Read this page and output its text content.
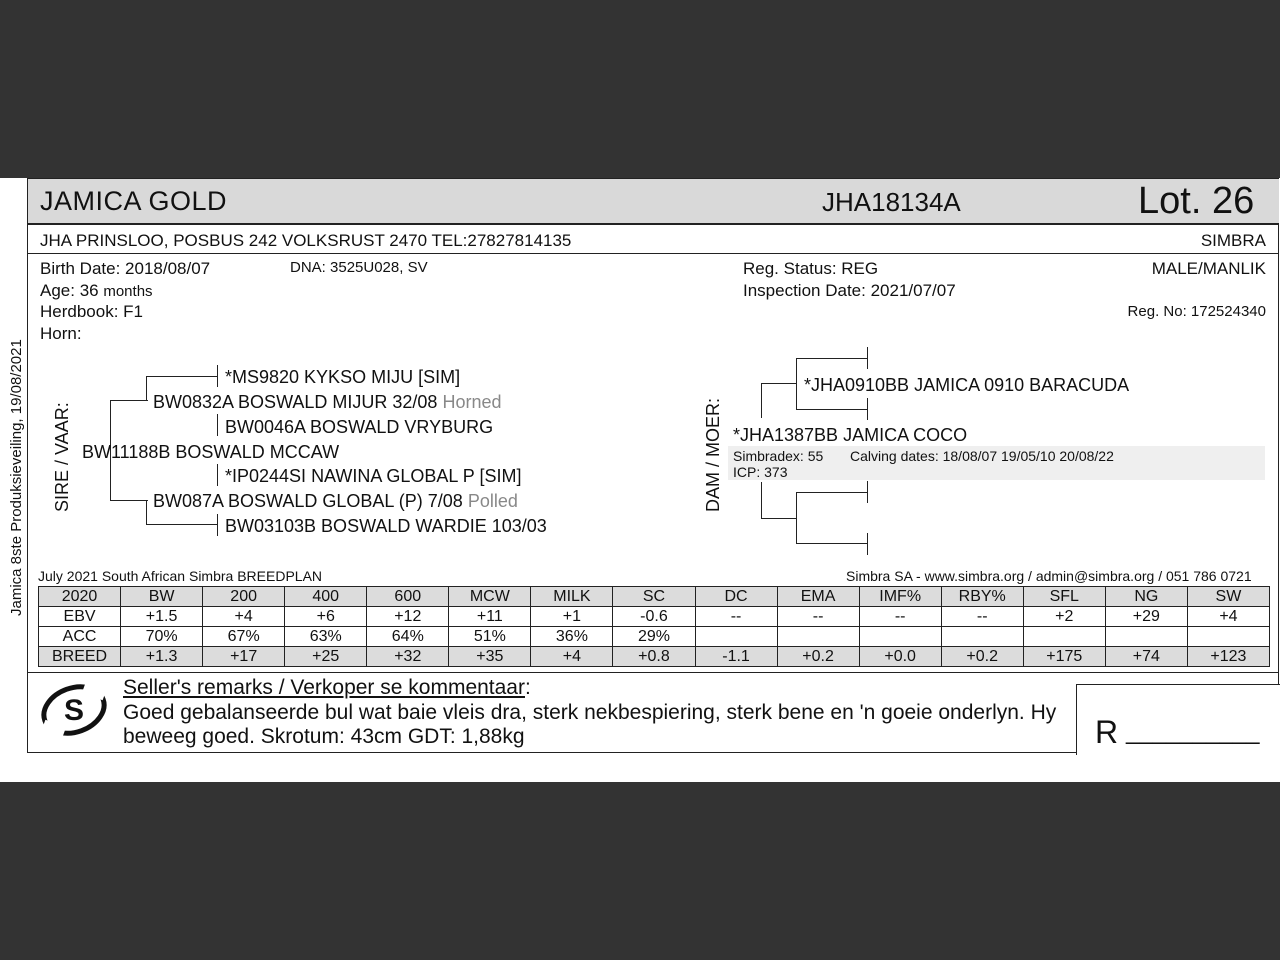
Jamica 8ste Produksieveiling, 19/08/2021
JAMICA GOLD	JHA18134A	Lot. 26
JHA PRINSLOO, POSBUS 242 VOLKSRUST 2470 TEL:27827814135	SIMBRA
Birth Date: 2018/08/07	DNA: 3525U028, SV
Age: 36 months
Herdbook: F1
Horn:
Reg. Status: REG
Inspection Date: 2021/07/07
MALE/MANLIK
Reg. No: 172524340
SIRE / VAAR:
*MS9820 KYKSO MIJU [SIM]
BW0832A BOSWALD MIJUR 32/08 Horned
BW0046A BOSWALD VRYBURG
BW11188B BOSWALD MCCAW
*IP0244SI NAWINA GLOBAL P [SIM]
BW087A BOSWALD GLOBAL (P) 7/08 Polled
BW03103B BOSWALD WARDIE 103/03
DAM / MOER: Simbradex: 55 Calving dates: 18/08/07 19/05/10 20/08/22
ICP: 373
*JHA0910BB JAMICA 0910 BARACUDA
*JHA1387BB JAMICA COCO
July 2021 South African Simbra BREEDPLAN	Simbra SA - www.simbra.org / admin@simbra.org / 051 786 0721
2020	BW	200	400	600	MCW	MILK	SC	DC	EMA	IMF%	RBY%	SFL	NG	SW
EBV	+1.5	+4	+6	+12	+11	+1	-0.6	--	--	--	--	+2	+29	+4
ACC	70%	67%	63%	64%	51%	36%	29%							
BREED	+1.3	+17	+25	+32	+35	+4	+0.8	-1.1	+0.2	+0.0	+0.2	+175	+74	+123
S
Seller's remarks / Verkoper se kommentaar:
Goed gebalanseerde bul wat baie vleis dra, sterk nekbespiering, sterk bene en 'n goeie onderlyn. Hy
beweeg goed. Skrotum: 43cm GDT: 1,88kg	R __________
